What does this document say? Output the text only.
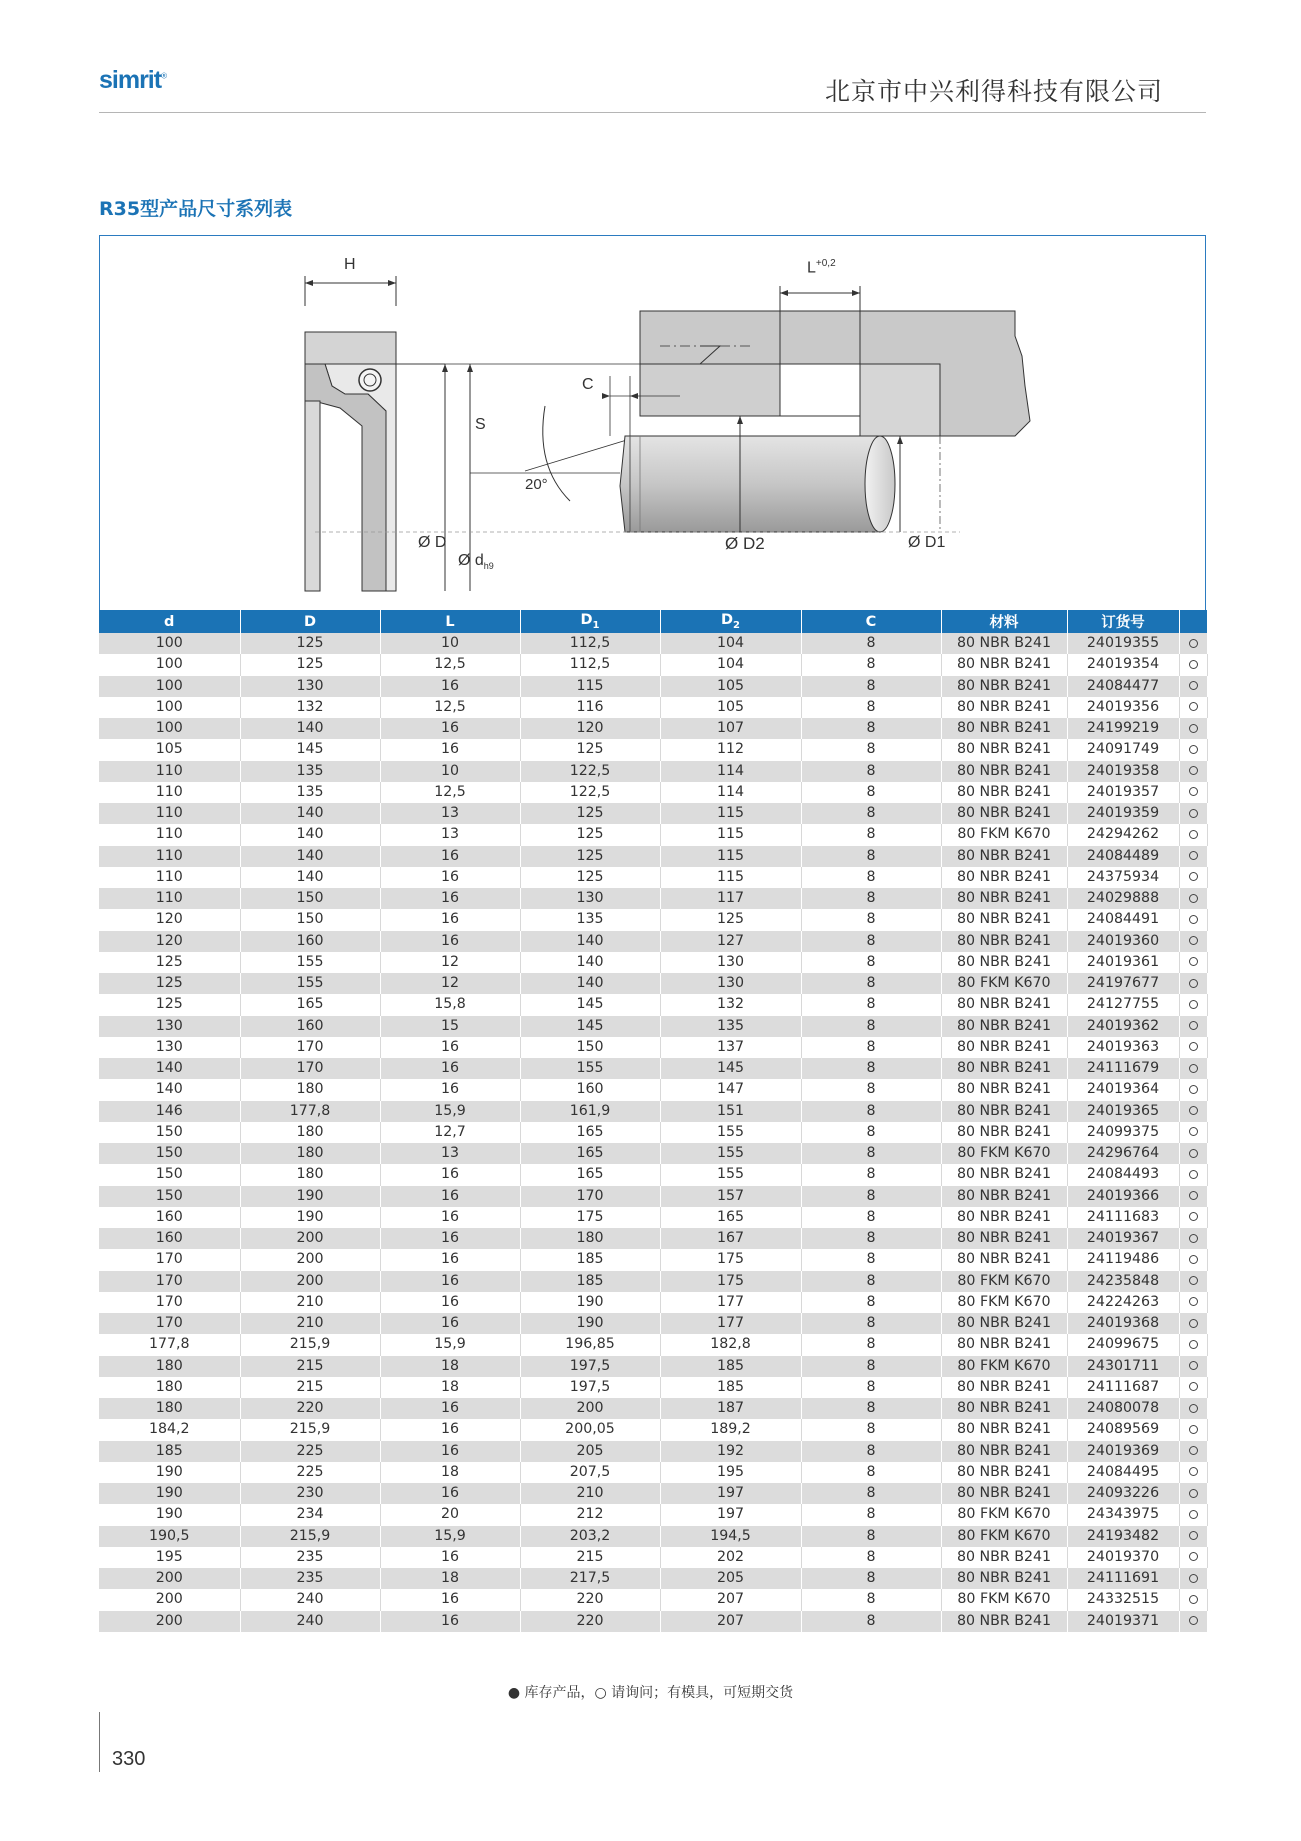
simrit®
北京市中兴利得科技有限公司
R35型产品尺寸系列表
H	$L^{+0,2}$
S
C
20°
Ø D
Ø $d_{h9}$
Ø D2	Ø D1
d	D	L	$D_1$	$D_2$	C	材料	订货号	
100	125	10	112,5	104	8	80 NBR B241	24019355	
100	125	12,5	112,5	104	8	80 NBR B241	24019354	
100	130	16	115	105	8	80 NBR B241	24084477	
100	132	12,5	116	105	8	80 NBR B241	24019356	
100	140	16	120	107	8	80 NBR B241	24199219	
105	145	16	125	112	8	80 NBR B241	24091749	
110	135	10	122,5	114	8	80 NBR B241	24019358	
110	135	12,5	122,5	114	8	80 NBR B241	24019357	
110	140	13	125	115	8	80 NBR B241	24019359	
110	140	13	125	115	8	80 FKM K670	24294262	
110	140	16	125	115	8	80 NBR B241	24084489	
110	140	16	125	115	8	80 NBR B241	24375934	
110	150	16	130	117	8	80 NBR B241	24029888	
120	150	16	135	125	8	80 NBR B241	24084491	
120	160	16	140	127	8	80 NBR B241	24019360	
125	155	12	140	130	8	80 NBR B241	24019361	
125	155	12	140	130	8	80 FKM K670	24197677	
125	165	15,8	145	132	8	80 NBR B241	24127755	
130	160	15	145	135	8	80 NBR B241	24019362	
130	170	16	150	137	8	80 NBR B241	24019363	
140	170	16	155	145	8	80 NBR B241	24111679	
140	180	16	160	147	8	80 NBR B241	24019364	
146	177,8	15,9	161,9	151	8	80 NBR B241	24019365	
150	180	12,7	165	155	8	80 NBR B241	24099375	
150	180	13	165	155	8	80 FKM K670	24296764	
150	180	16	165	155	8	80 NBR B241	24084493	
150	190	16	170	157	8	80 NBR B241	24019366	
160	190	16	175	165	8	80 NBR B241	24111683	
160	200	16	180	167	8	80 NBR B241	24019367	
170	200	16	185	175	8	80 NBR B241	24119486	
170	200	16	185	175	8	80 FKM K670	24235848	
170	210	16	190	177	8	80 FKM K670	24224263	
170	210	16	190	177	8	80 NBR B241	24019368	
177,8	215,9	15,9	196,85	182,8	8	80 NBR B241	24099675	
180	215	18	197,5	185	8	80 FKM K670	24301711	
180	215	18	197,5	185	8	80 NBR B241	24111687	
180	220	16	200	187	8	80 NBR B241	24080078	
184,2	215,9	16	200,05	189,2	8	80 NBR B241	24089569	
185	225	16	205	192	8	80 NBR B241	24019369	
190	225	18	207,5	195	8	80 NBR B241	24084495	
190	230	16	210	197	8	80 NBR B241	24093226	
190	234	20	212	197	8	80 FKM K670	24343975	
190,5	215,9	15,9	203,2	194,5	8	80 FKM K670	24193482	
195	235	16	215	202	8	80 NBR B241	24019370	
200	235	18	217,5	205	8	80 NBR B241	24111691	
200	240	16	220	207	8	80 FKM K670	24332515	
200	240	16	220	207	8	80 NBR B241	24019371	
● 库存产品，○ 请询问；有模具，可短期交货
330
